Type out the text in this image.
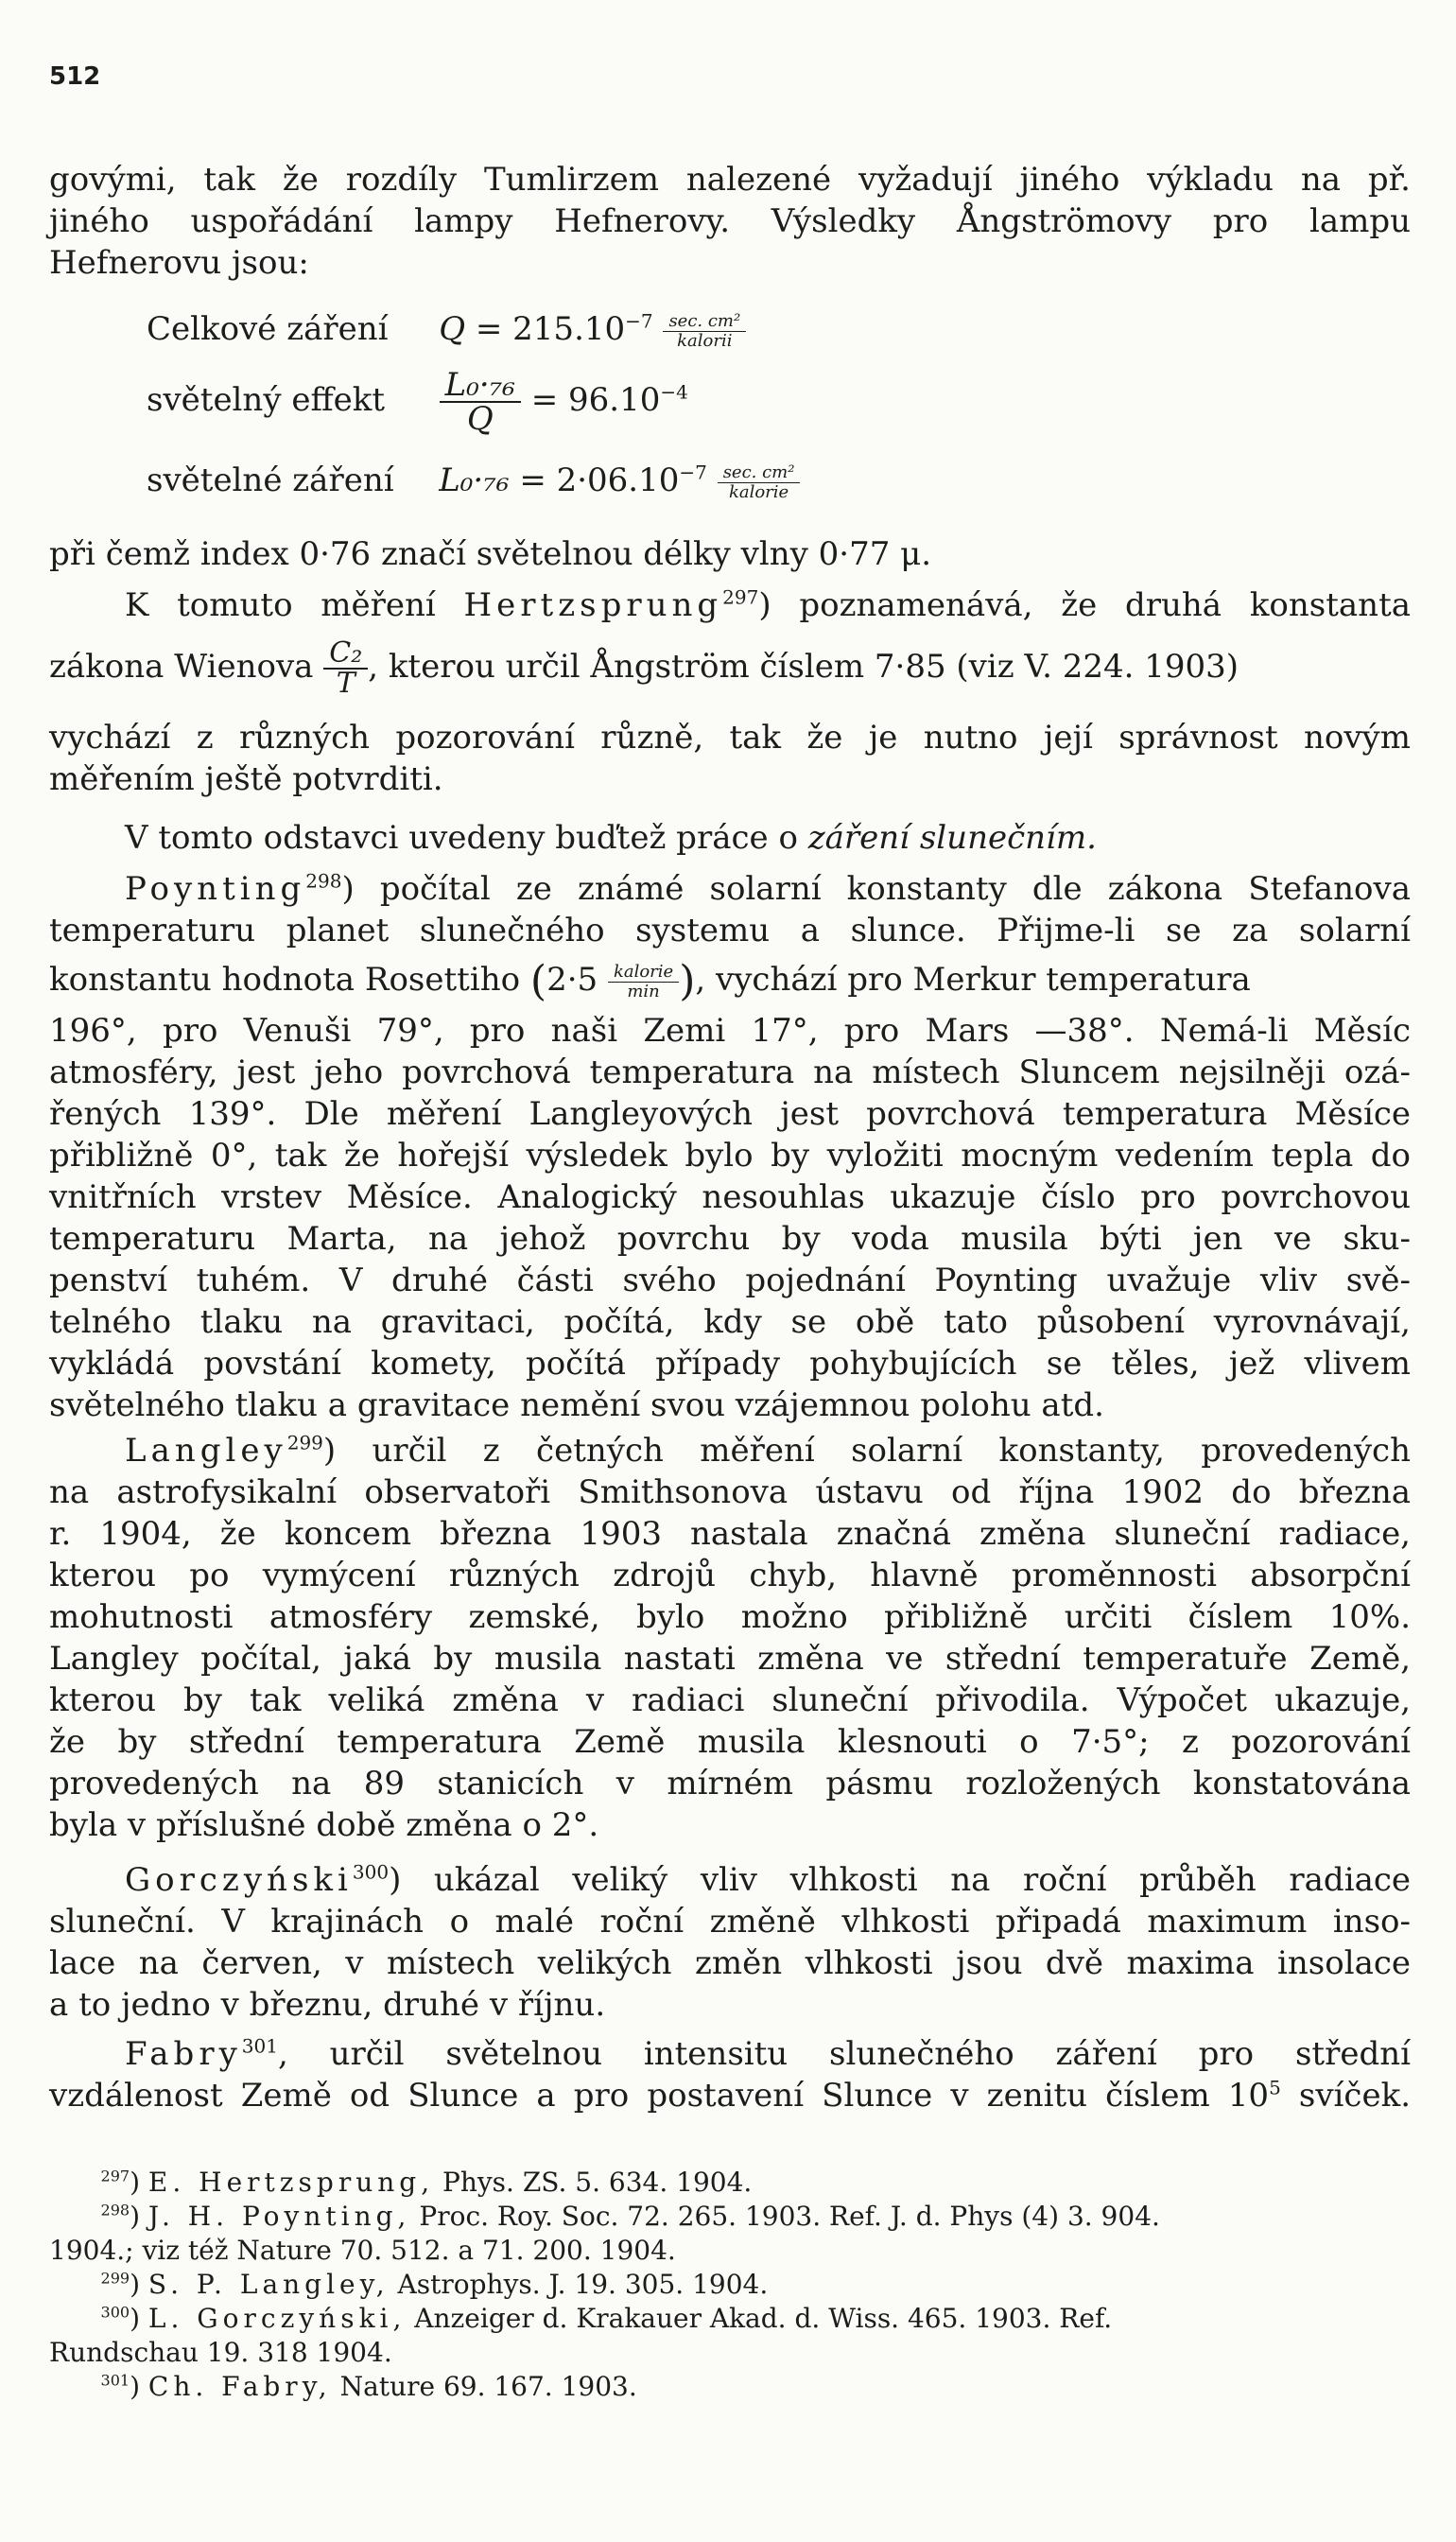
512
govými, tak že rozdíly Tumlirzem nalezené vyžadují jiného výkladu na př.
jiného uspořádání lampy Hefnerovy. Výsledky Ångströmovy pro lampu
Hefnerovu jsou:
Celkové záření $Q = 215.10^{-7} \frac{\text{sec. cm²}}{\text{kalorii}}$
světelný effekt $\frac{\text{L₀·₇₆}}{Q} = 96.10^{-4}$
světelné záření $L_0\cdot_{76} = 2\cdot 06.10^{-7} \frac{\text{sec. cm²}}{\text{kalorie}}$
při čemž index 0·76 značí světelnou délky vlny 0·77 μ.
K tomuto měření Hertzsprung$^{297}$) poznamenává, že druhá konstanta
zákona Wienova $\frac{\text{C₂}}{T}$ , kterou určil Ångström číslem 7·85 (viz V. 224. 1903)
vychází z různých pozorování různě, tak že je nutno její správnost novým
měřením ještě potvrditi.
V tomto odstavci uvedeny buďtež práce o záření slunečním.
Poynting$^{298}$) počítal ze známé solarní konstanty dle zákona Stefanova
temperaturu planet slunečného systemu a slunce. Přijme-li se za solarní
konstantu hodnota Rosettiho ($2\cdot 5 \frac{\text{kalorie}}{\min}$ ), vychází pro Merkur temperatura
196°, pro Venuši 79°, pro naši Zemi 17°, pro Mars —38°. Nemá-li Měsíc
atmosféry, jest jeho povrchová temperatura na místech Sluncem nejsilněji ozá-
řených 139°. Dle měření Langleyových jest povrchová temperatura Měsíce
přibližně 0°, tak že hořejší výsledek bylo by vyložiti mocným vedením tepla do
vnitřních vrstev Měsíce. Analogický nesouhlas ukazuje číslo pro povrchovou
temperaturu Marta, na jehož povrchu by voda musila býti jen ve sku-
penství tuhém. V druhé části svého pojednání Poynting uvažuje vliv svě-
telného tlaku na gravitaci, počítá, kdy se obě tato působení vyrovnávají,
vykládá povstání komety, počítá případy pohybujících se těles, jež vlivem
světelného tlaku a gravitace nemění svou vzájemnou polohu atd.
Langley$^{299}$) určil z četných měření solarní konstanty, provedených
na astrofysikalní observatoři Smithsonova ústavu od října 1902 do března
r. 1904, že koncem března 1903 nastala značná změna sluneční radiace,
kterou po vymýcení různých zdrojů chyb, hlavně proměnnosti absorpční
mohutnosti atmosféry zemské, bylo možno přibližně určiti číslem 10%.
Langley počítal, jaká by musila nastati změna ve střední temperatuře Země,
kterou by tak veliká změna v radiaci sluneční přivodila. Výpočet ukazuje,
že by střední temperatura Země musila klesnouti o 7·5°; z pozorování
provedených na 89 stanicích v mírném pásmu rozložených konstatována
byla v příslušné době změna o 2°.
Gorczyński$^{300}$) ukázal veliký vliv vlhkosti na roční průběh radiace
sluneční. V krajinách o malé roční změně vlhkosti připadá maximum inso-
lace na červen, v místech velikých změn vlhkosti jsou dvě maxima insolace
a to jedno v březnu, druhé v říjnu.
Fabry$^{301}$, určil světelnou intensitu slunečného záření pro střední
vzdálenost Země od Slunce a pro postavení Slunce v zenitu číslem $10^5$ svíček.
$^{297}$) E. Hertzsprung, Phys. ZS. 5. 634. 1904.
$^{298}$) J. H. Poynting, Proc. Roy. Soc. 72. 265. 1903. Ref. J. d. Phys (4) 3. 904.
1904.; viz též Nature 70. 512. a 71. 200. 1904.
$^{299}$) S. P. Langley, Astrophys. J. 19. 305. 1904.
$^{300}$) L. Gorczyński, Anzeiger d. Krakauer Akad. d. Wiss. 465. 1903. Ref.
Rundschau 19. 318 1904.
$^{301}$) Ch. Fabry, Nature 69. 167. 1903.
